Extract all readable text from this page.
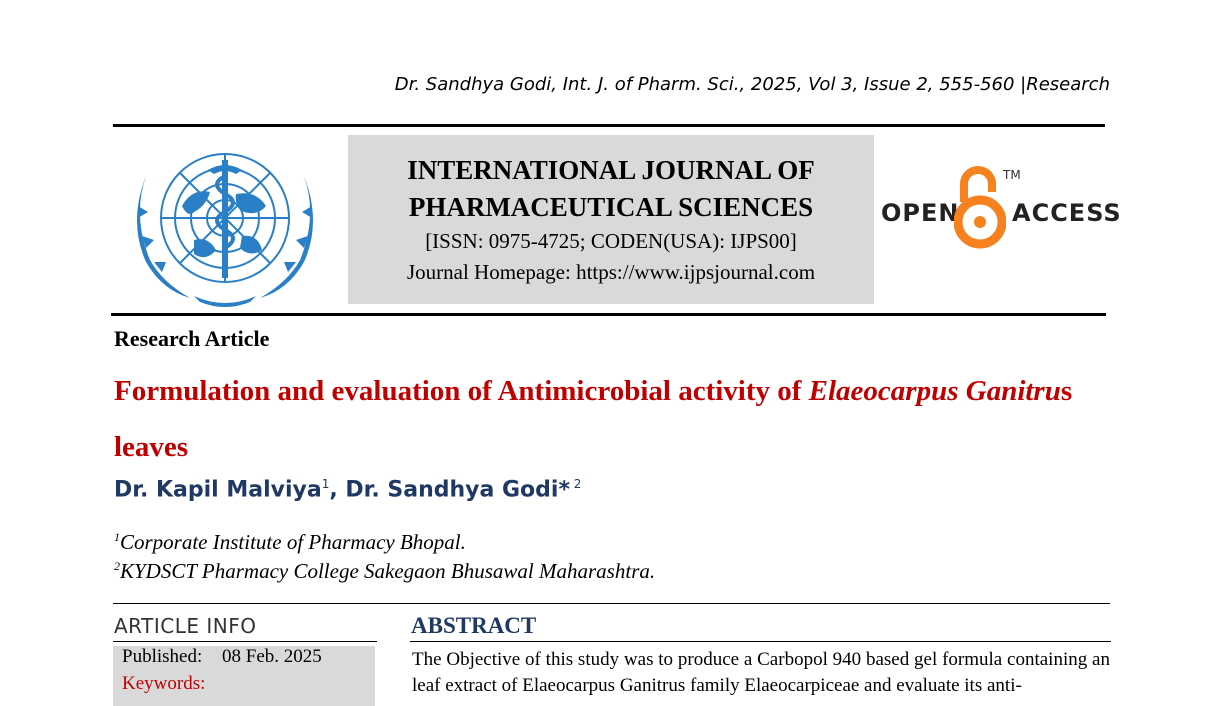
Dr. Sandhya Godi, Int. J. of Pharm. Sci., 2025, Vol 3, Issue 2, 555-560 |Research
INTERNATIONAL JOURNAL OF
PHARMACEUTICAL SCIENCES
[ISSN: 0975-4725; CODEN(USA): IJPS00]
Journal Homepage: https://www.ijpsjournal.com
OPEN
TM
ACCESS
Research Article
Formulation and evaluation of Antimicrobial activity of Elaeocarpus Ganitrus leaves
Dr. Kapil Malviya$^1$, Dr. Sandhya Godi* $^2$
$^1$Corporate Institute of Pharmacy Bhopal.
$^2$KYDSCT Pharmacy College Sakegaon Bhusawal Maharashtra.
ARTICLE INFO
Published: 08 Feb. 2025
Keywords:
ABSTRACT
The Objective of this study was to produce a Carbopol 940 based gel formula containing an leaf extract of Elaeocarpus Ganitrus family Elaeocarpiceae and evaluate its anti-
